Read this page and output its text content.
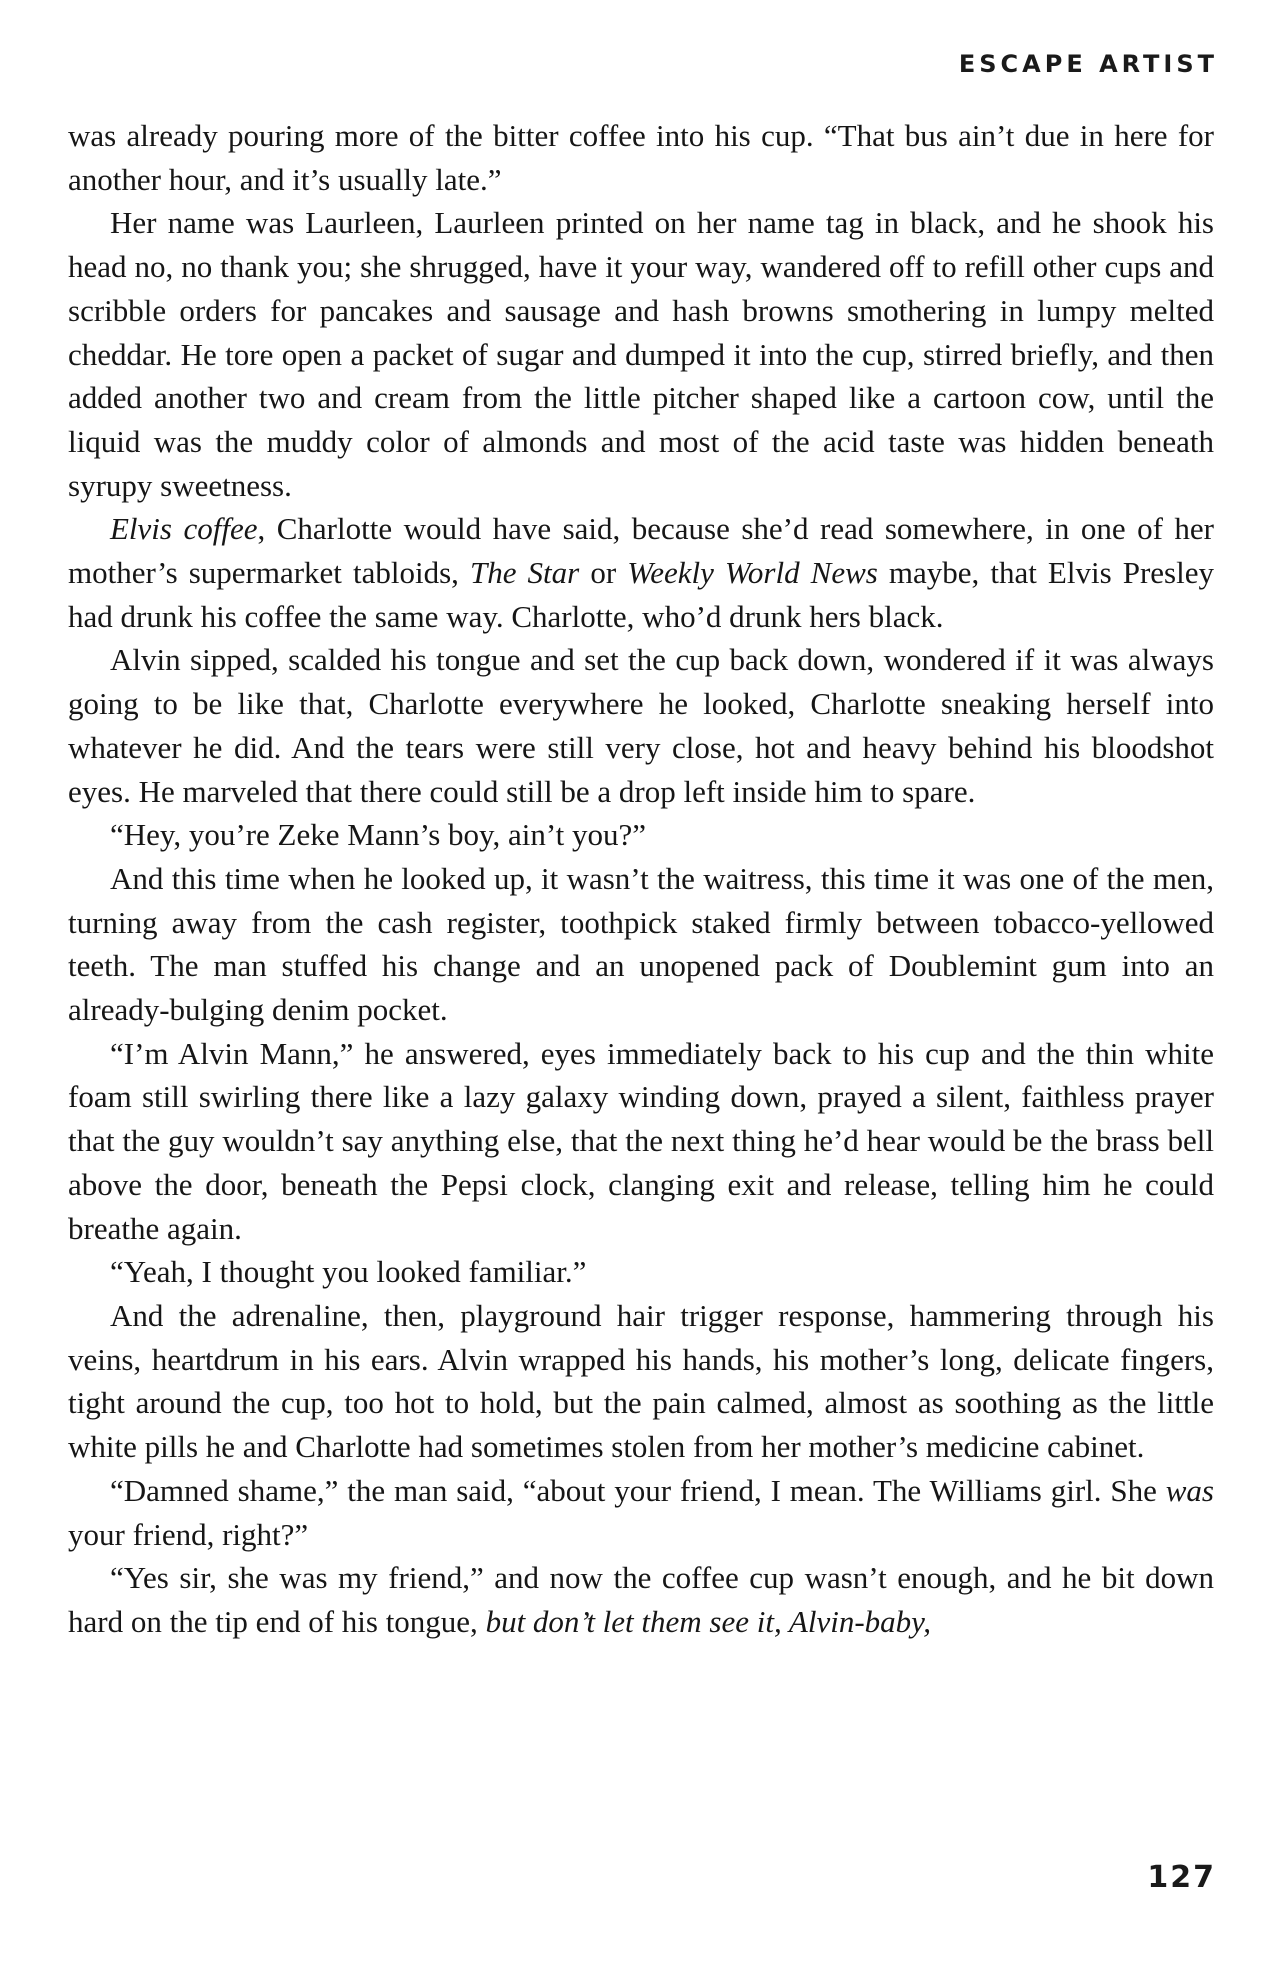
ESCAPE ARTIST

was already pouring more of the bitter coffee into his cup. “That bus ain’t due in here for another hour, and it’s usually late.”

Her name was Laurleen, Laurleen printed on her name tag in black, and he shook his head no, no thank you; she shrugged, have it your way, wandered off to refill other cups and scribble orders for pancakes and sausage and hash browns smothering in lumpy melted cheddar. He tore open a packet of sugar and dumped it into the cup, stirred briefly, and then added another two and cream from the little pitcher shaped like a cartoon cow, until the liquid was the muddy color of almonds and most of the acid taste was hidden beneath syrupy sweetness.

Elvis coffee, Charlotte would have said, because she’d read somewhere, in one of her mother’s supermarket tabloids, The Star or Weekly World News maybe, that Elvis Presley had drunk his coffee the same way. Charlotte, who’d drunk hers black.

Alvin sipped, scalded his tongue and set the cup back down, wondered if it was always going to be like that, Charlotte everywhere he looked, Charlotte sneaking herself into whatever he did. And the tears were still very close, hot and heavy behind his bloodshot eyes. He marveled that there could still be a drop left inside him to spare.

“Hey, you’re Zeke Mann’s boy, ain’t you?”

And this time when he looked up, it wasn’t the waitress, this time it was one of the men, turning away from the cash register, toothpick staked firmly between tobacco-yellowed teeth. The man stuffed his change and an unopened pack of Doublemint gum into an already-bulging denim pocket.

“I’m Alvin Mann,” he answered, eyes immediately back to his cup and the thin white foam still swirling there like a lazy galaxy winding down, prayed a silent, faithless prayer that the guy wouldn’t say anything else, that the next thing he’d hear would be the brass bell above the door, beneath the Pepsi clock, clanging exit and release, telling him he could breathe again.

“Yeah, I thought you looked familiar.”

And the adrenaline, then, playground hair trigger response, hammering through his veins, heartdrum in his ears. Alvin wrapped his hands, his mother’s long, delicate fingers, tight around the cup, too hot to hold, but the pain calmed, almost as soothing as the little white pills he and Charlotte had sometimes stolen from her mother’s medicine cabinet.

“Damned shame,” the man said, “about your friend, I mean. The Williams girl. She was your friend, right?”

“Yes sir, she was my friend,” and now the coffee cup wasn’t enough, and he bit down hard on the tip end of his tongue, but don’t let them see it, Alvin-baby,

127
